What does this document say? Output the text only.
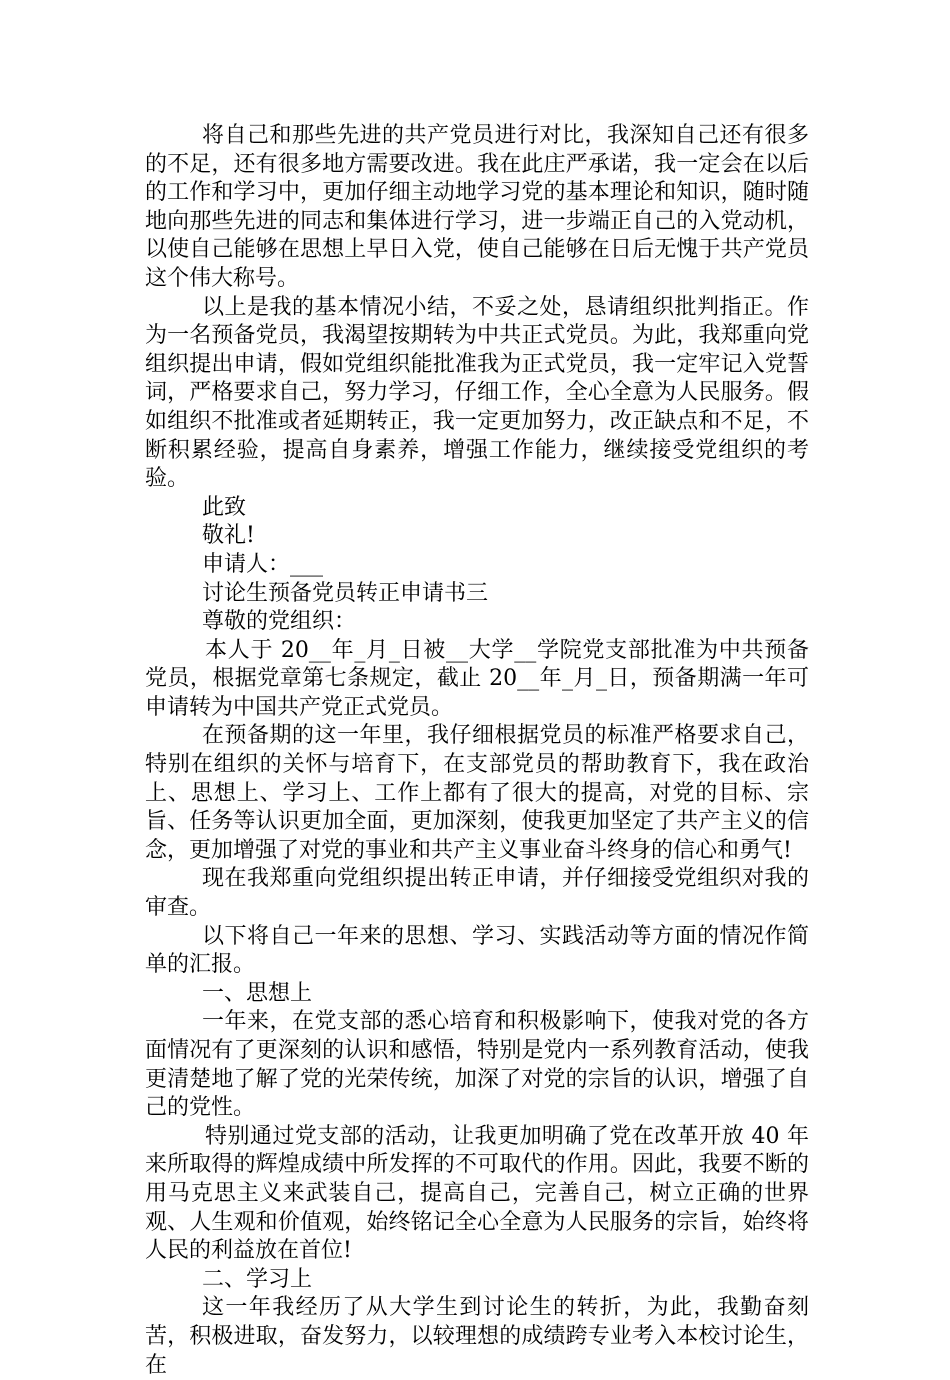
将自己和那些先进的共产党员进行对比，我深知自己还有很多的不足，还有很多地方需要改进。我在此庄严承诺，我一定会在以后的工作和学习中，更加仔细主动地学习党的基本理论和知识，随时随地向那些先进的同志和集体进行学习，进一步端正自己的入党动机，以使自己能够在思想上早日入党，使自己能够在日后无愧于共产党员这个伟大称号。

以上是我的基本情况小结，不妥之处，恳请组织批判指正。作为一名预备党员，我渴望按期转为中共正式党员。为此，我郑重向党组织提出申请，假如党组织能批准我为正式党员，我一定牢记入党誓词，严格要求自己，努力学习，仔细工作，全心全意为人民服务。假如组织不批准或者延期转正，我一定更加努力，改正缺点和不足，不断积累经验，提高自身素养，增强工作能力，继续接受党组织的考验。

此致

敬礼!

申请人：___

讨论生预备党员转正申请书三

尊敬的党组织：

本人于 20__年_月_日被__大学__学院党支部批准为中共预备党员，根据党章第七条规定，截止 20__年_月_日，预备期满一年可申请转为中国共产党正式党员。

在预备期的这一年里，我仔细根据党员的标准严格要求自己，特别在组织的关怀与培育下，在支部党员的帮助教育下，我在政治上、思想上、学习上、工作上都有了很大的提高，对党的目标、宗旨、任务等认识更加全面，更加深刻，使我更加坚定了共产主义的信念，更加增强了对党的事业和共产主义事业奋斗终身的信心和勇气!

现在我郑重向党组织提出转正申请，并仔细接受党组织对我的审查。

以下将自己一年来的思想、学习、实践活动等方面的情况作简单的汇报。

一、思想上

一年来，在党支部的悉心培育和积极影响下，使我对党的各方面情况有了更深刻的认识和感悟，特别是党内一系列教育活动，使我更清楚地了解了党的光荣传统，加深了对党的宗旨的认识，增强了自己的党性。

特别通过党支部的活动，让我更加明确了党在改革开放 40 年来所取得的辉煌成绩中所发挥的不可取代的作用。因此，我要不断的用马克思主义来武装自己，提高自己，完善自己，树立正确的世界观、人生观和价值观，始终铭记全心全意为人民服务的宗旨，始终将人民的利益放在首位!

二、学习上

这一年我经历了从大学生到讨论生的转折，为此，我勤奋刻苦，积极进取，奋发努力，以较理想的成绩跨专业考入本校讨论生，在
